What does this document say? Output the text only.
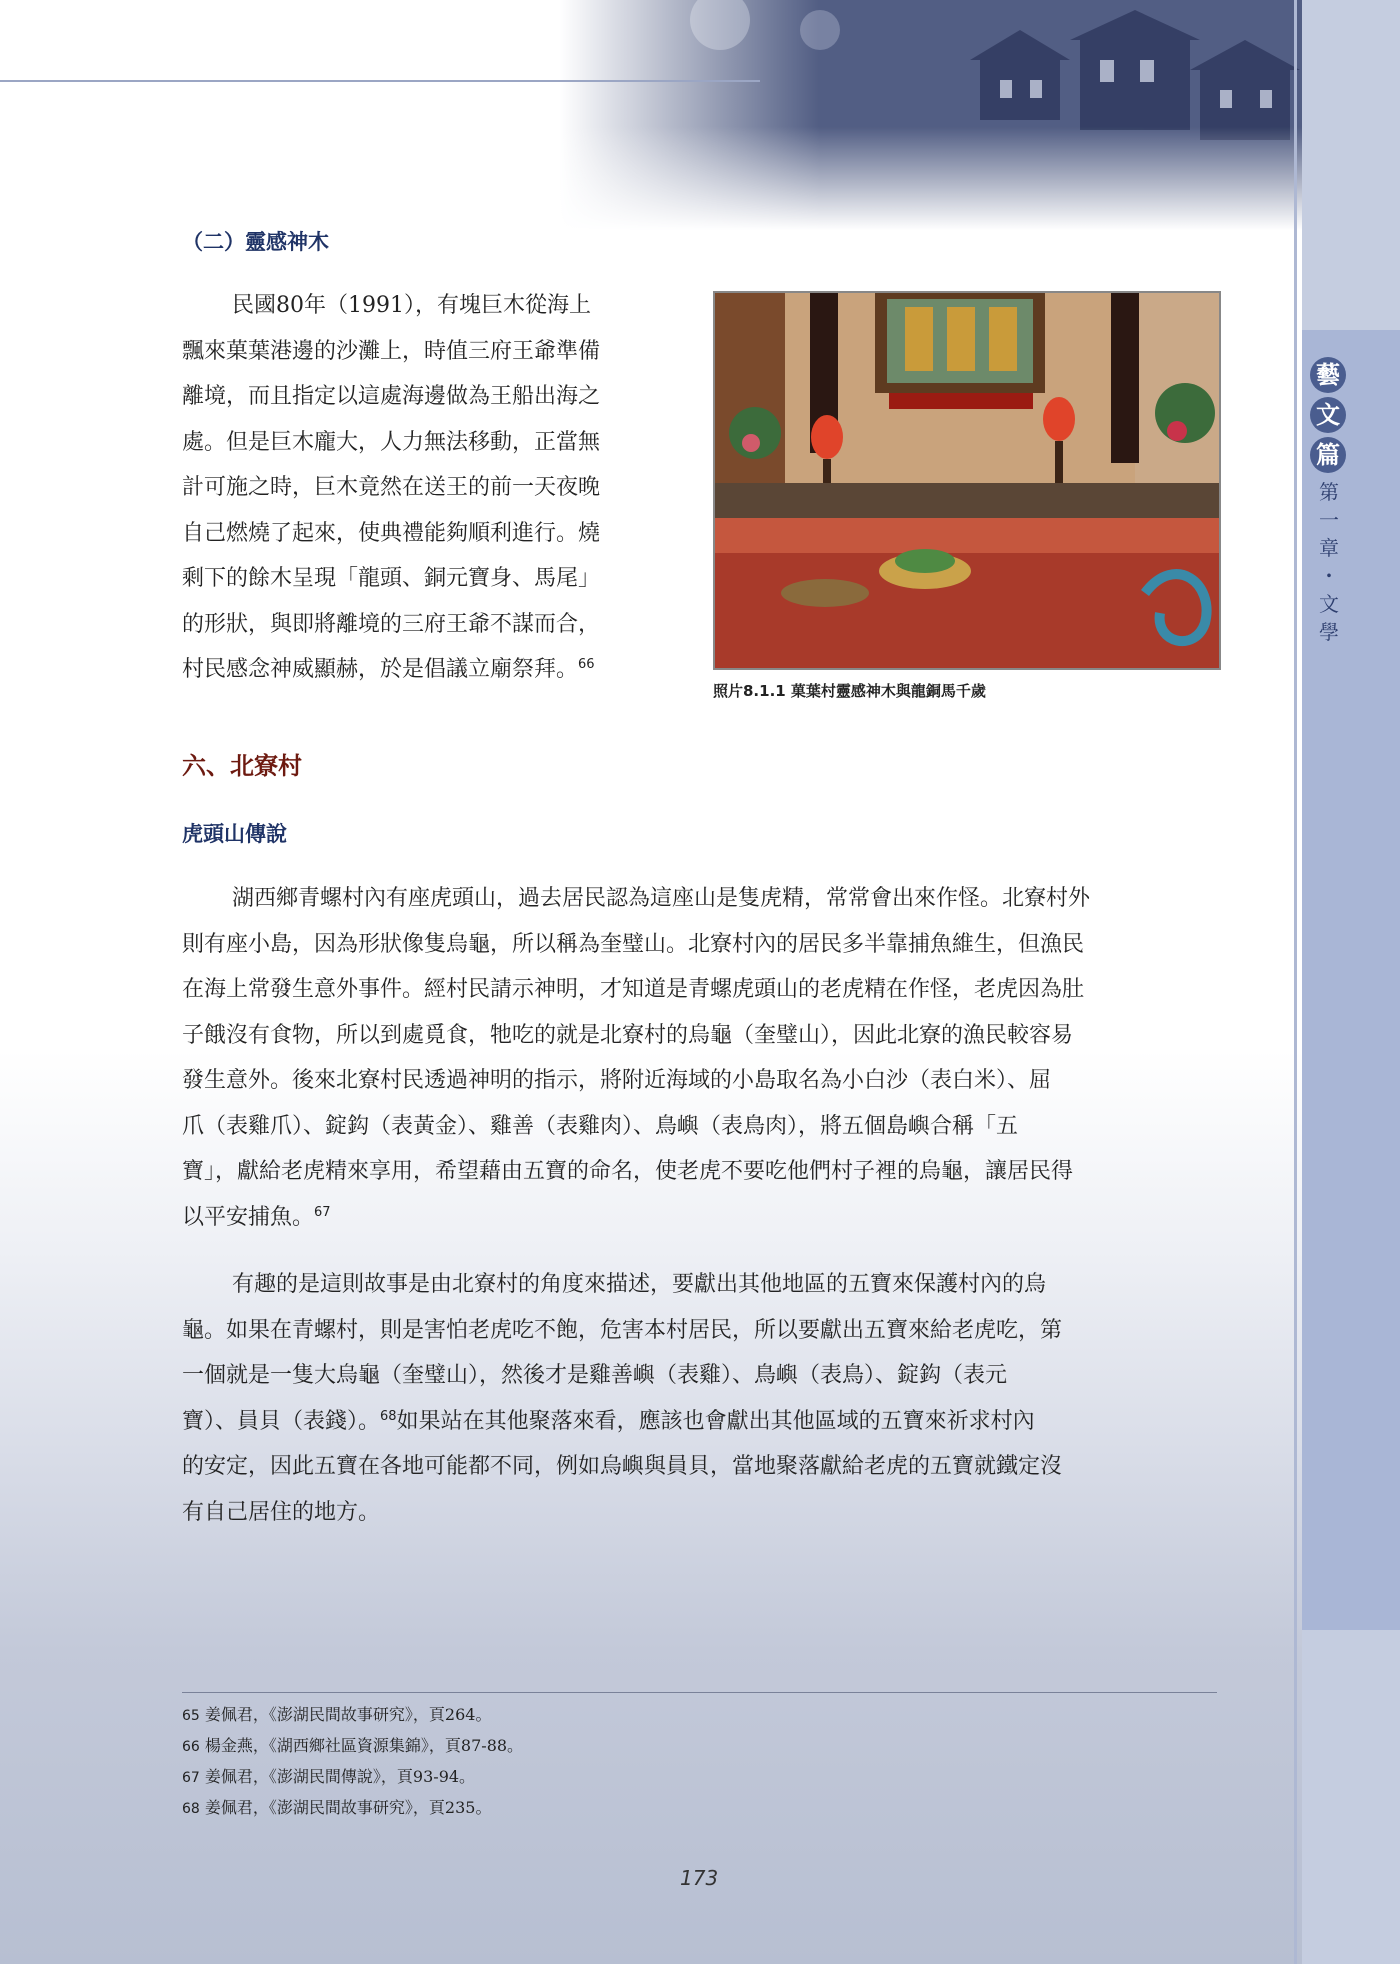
藝
文
篇
第
一
章
・
文
學
（二）靈感神木
民國80年（1991），有塊巨木從海上
飄來菓葉港邊的沙灘上，時值三府王爺準備
離境，而且指定以這處海邊做為王船出海之
處。但是巨木龐大，人力無法移動，正當無
計可施之時，巨木竟然在送王的前一天夜晚
自己燃燒了起來，使典禮能夠順利進行。燒
剩下的餘木呈現「龍頭、銅元寶身、馬尾」
的形狀，與即將離境的三府王爺不謀而合，
村民感念神威顯赫，於是倡議立廟祭拜。$^{66}$
照片8.1.1 菓葉村靈感神木與龍銅馬千歲
六、北寮村
虎頭山傳說
湖西鄉青螺村內有座虎頭山，過去居民認為這座山是隻虎精，常常會出來作怪。北寮村外
則有座小島，因為形狀像隻烏龜，所以稱為奎璧山。北寮村內的居民多半靠捕魚維生，但漁民
在海上常發生意外事件。經村民請示神明，才知道是青螺虎頭山的老虎精在作怪，老虎因為肚
子餓沒有食物，所以到處覓食，牠吃的就是北寮村的烏龜（奎璧山），因此北寮的漁民較容易
發生意外。後來北寮村民透過神明的指示，將附近海域的小島取名為小白沙（表白米）、屈
爪（表雞爪）、錠鈎（表黃金）、雞善（表雞肉）、鳥嶼（表鳥肉），將五個島嶼合稱「五
寶」，獻給老虎精來享用，希望藉由五寶的命名，使老虎不要吃他們村子裡的烏龜，讓居民得
以平安捕魚。$^{67}$
有趣的是這則故事是由北寮村的角度來描述，要獻出其他地區的五寶來保護村內的烏
龜。如果在青螺村，則是害怕老虎吃不飽，危害本村居民，所以要獻出五寶來給老虎吃，第
一個就是一隻大烏龜（奎璧山），然後才是雞善嶼（表雞）、鳥嶼（表鳥）、錠鈎（表元
寶）、員貝（表錢）。$^{68}$如果站在其他聚落來看，應該也會獻出其他區域的五寶來祈求村內
的安定，因此五寶在各地可能都不同，例如烏嶼與員貝，當地聚落獻給老虎的五寶就鐵定沒
有自己居住的地方。
65 姜佩君，《澎湖民間故事研究》，頁264。
66 楊金燕，《湖西鄉社區資源集錦》，頁87-88。
67 姜佩君，《澎湖民間傳說》，頁93-94。
68 姜佩君，《澎湖民間故事研究》，頁235。
173
